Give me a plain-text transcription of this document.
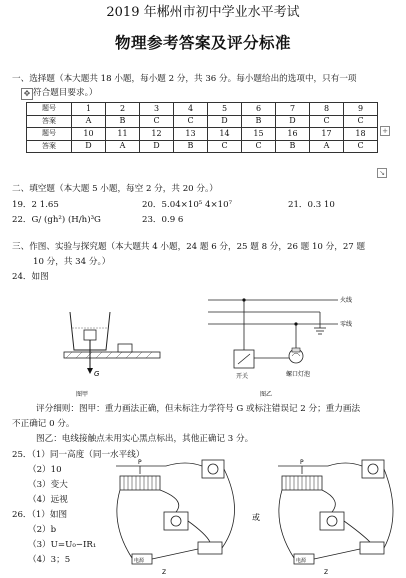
2019 年郴州市初中学业水平考试
物理参考答案及评分标准
一、选择题（本大题共 18 小题，每小题 2 分，共 36 分。每小题给出的选项中，只有一项
✥ 符合题目要求。）
题号	1	2	3	4	5	6	7	8	9
答案	A	B	C	C	D	B	D	C	C
题号	10	11	12	13	14	15	16	17	18
答案	D	A	D	B	C	C	B	A	C
+
↘
二、填空题（本大题 5 小题，每空 2 分，共 20 分。）
19．2 1.65	20．5.04×10⁵ 4×10⁷	21．0.3 10
22．G/ (gh²) (H/h)³G	23．0.9 6
三、作图、实验与探究题（本大题共 4 小题，24 题 6 分，25 题 8 分，26 题 10 分，27 题
10 分，共 34 分。）
24．如图
G
图甲
火线
零线
开关	螺口灯泡
图乙
评分细则：图甲：重力画法正确，但未标注力学符号 G 或标注错误记 2 分；重力画法
不正确记 0 分。
图乙：电线接触点未用实心黑点标出，其他正确记 3 分。
25．（1）同一高度（同一水平线）
（2）10
（3）变大
（4）远视
26．（1）如图
（2）b
（3）U=U₀−IR₁
（4）3；5
P
电源
Z
或
P
电源
Z
